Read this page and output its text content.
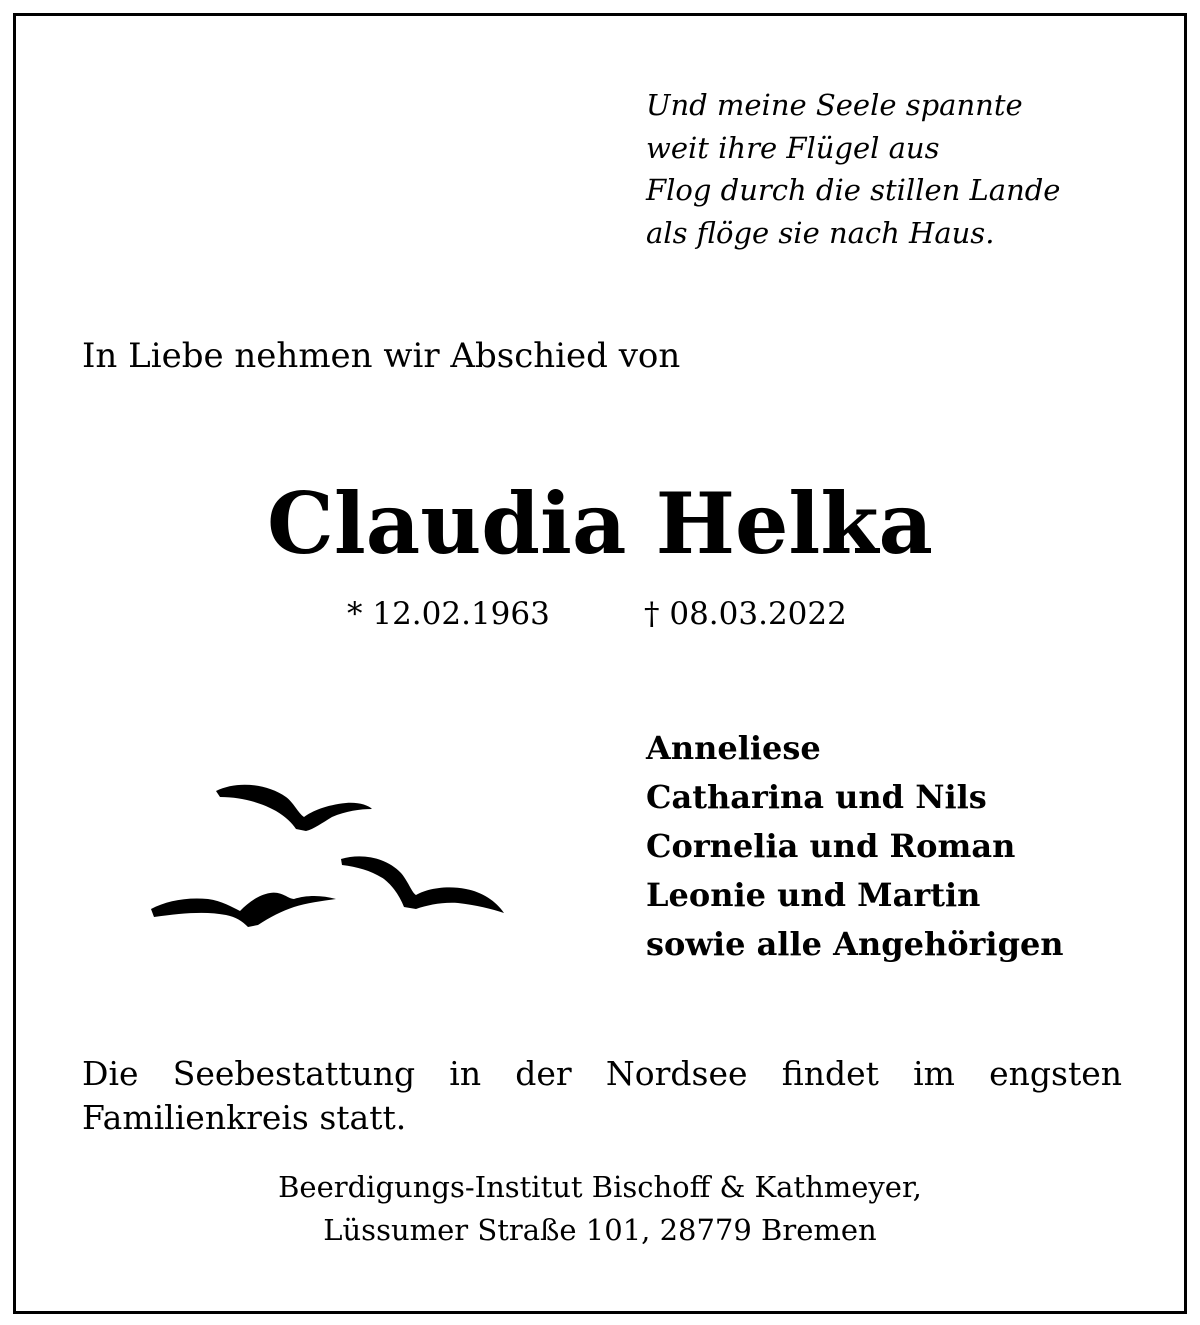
Und meine Seele spannte
weit ihre Flügel aus
Flog durch die stillen Lande
als flöge sie nach Haus.
In Liebe nehmen wir Abschied von
Claudia Helka
* 12.02.1963	† 08.03.2022
Anneliese
Catharina und Nils
Cornelia und Roman
Leonie und Martin
sowie alle Angehörigen
Die Seebestattung in der Nordsee findet im engsten Familienkreis statt.
Beerdigungs-Institut Bischoff & Kathmeyer,
Lüssumer Straße 101, 28779 Bremen
